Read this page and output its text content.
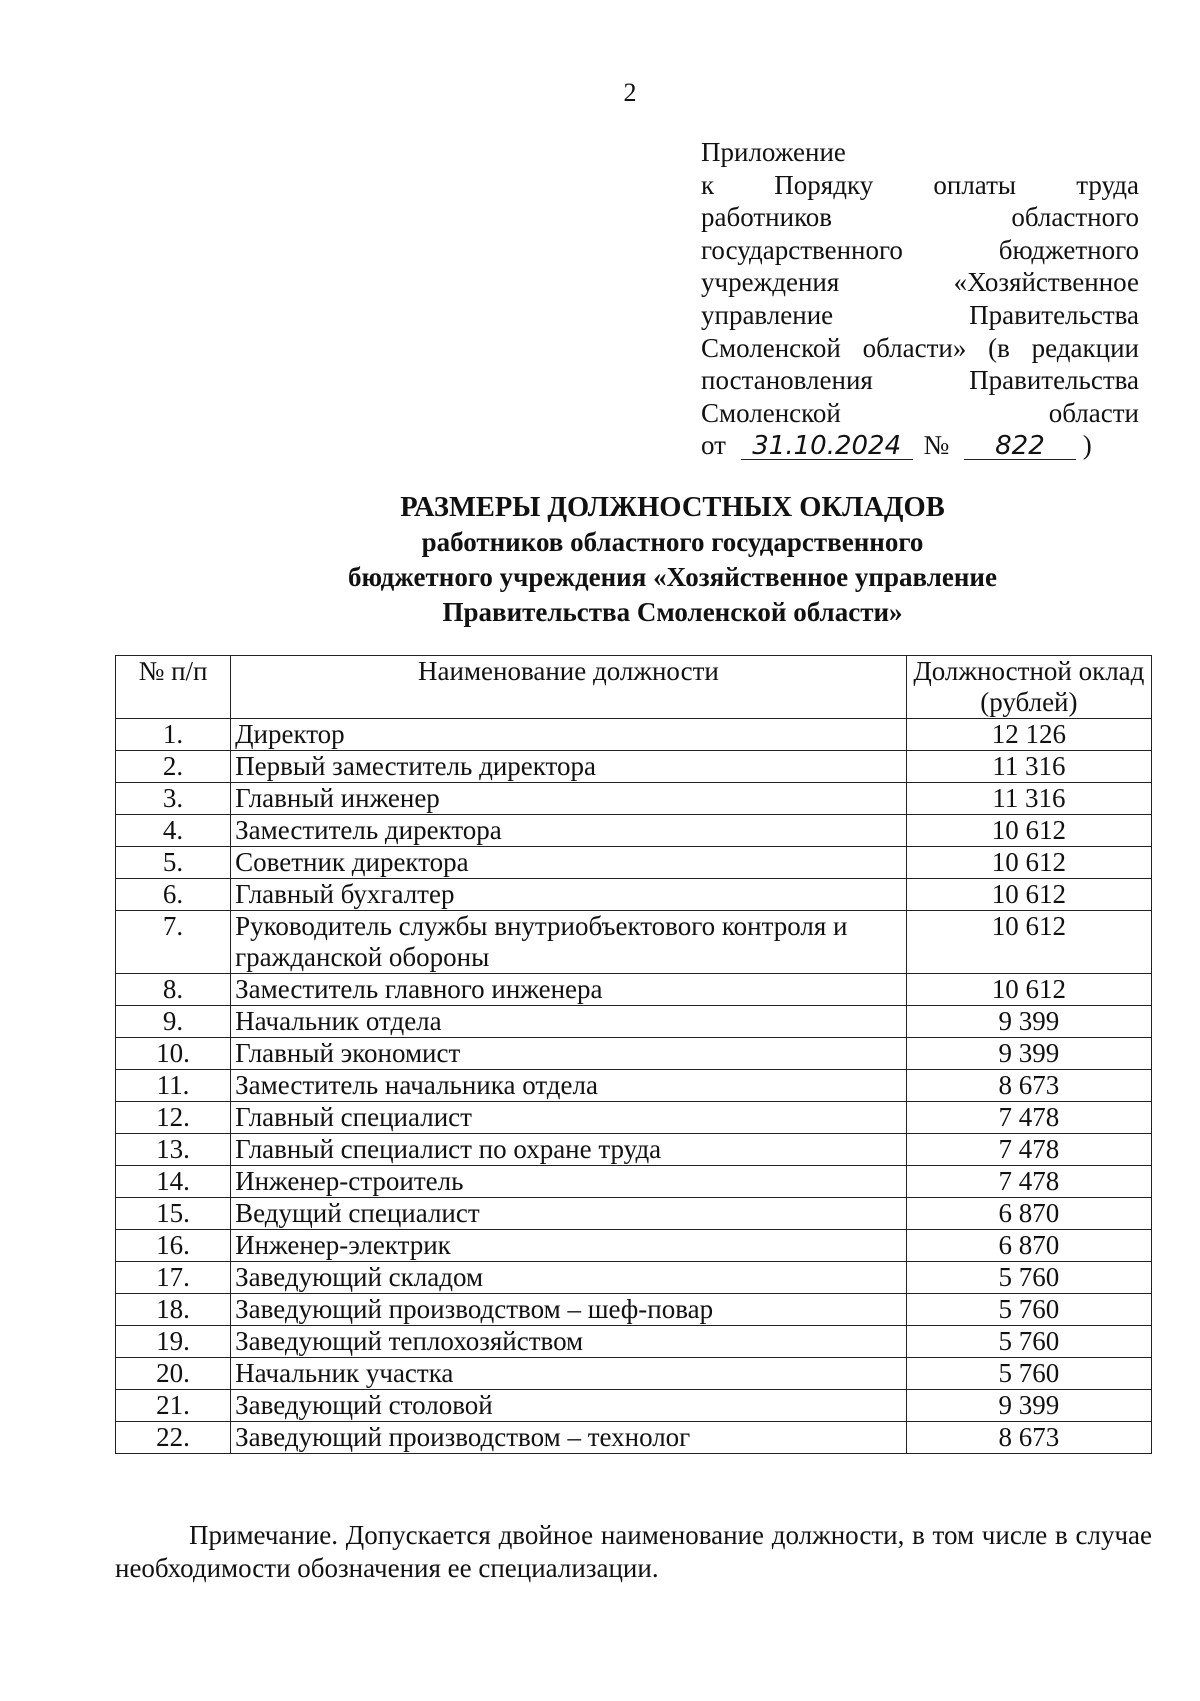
2
Приложение
к Порядку оплаты труда
работников областного
государственного бюджетного
учреждения «Хозяйственное
управление Правительства
Смоленской области» (в редакции
постановления Правительства
Смоленской области
от 31.10.2024 № 822 )
РАЗМЕРЫ ДОЛЖНОСТНЫХ ОКЛАДОВ
работников областного государственного
бюджетного учреждения «Хозяйственное управление
Правительства Смоленской области»
№ п/п	Наименование должности	Должностной оклад (рублей)
1.	Директор	12 126
2.	Первый заместитель директора	11 316
3.	Главный инженер	11 316
4.	Заместитель директора	10 612
5.	Советник директора	10 612
6.	Главный бухгалтер	10 612
7.	Руководитель службы внутриобъектового контроля и гражданской обороны	10 612
8.	Заместитель главного инженера	10 612
9.	Начальник отдела	9 399
10.	Главный экономист	9 399
11.	Заместитель начальника отдела	8 673
12.	Главный специалист	7 478
13.	Главный специалист по охране труда	7 478
14.	Инженер-строитель	7 478
15.	Ведущий специалист	6 870
16.	Инженер-электрик	6 870
17.	Заведующий складом	5 760
18.	Заведующий производством – шеф-повар	5 760
19.	Заведующий теплохозяйством	5 760
20.	Начальник участка	5 760
21.	Заведующий столовой	9 399
22.	Заведующий производством – технолог	8 673
Примечание. Допускается двойное наименование должности, в том числе в случае необходимости обозначения ее специализации.
